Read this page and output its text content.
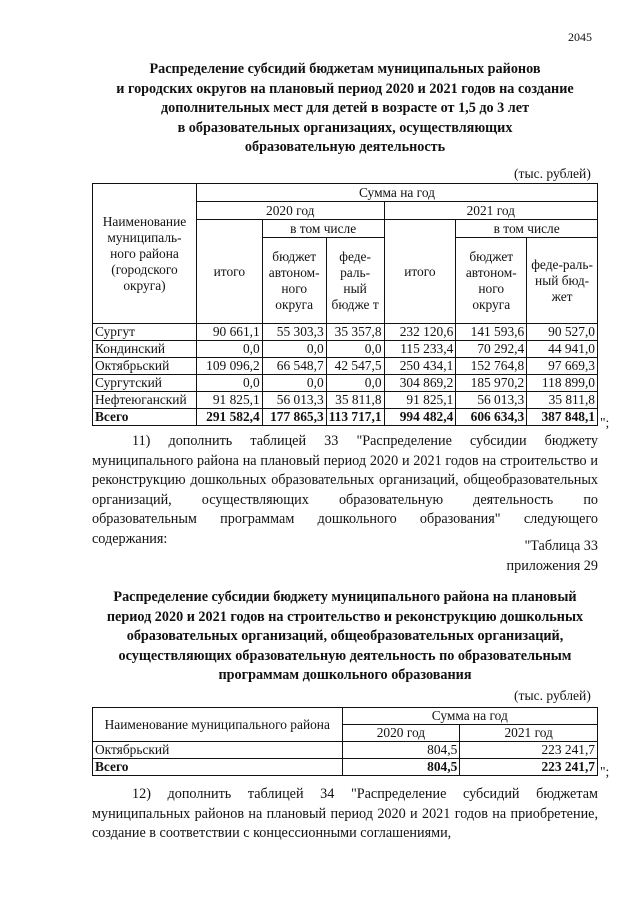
2045
Распределение субсидий бюджетам муниципальных районов
и городских округов на плановый период 2020 и 2021 годов на создание
дополнительных мест для детей в возрасте от 1,5 до 3 лет
в образовательных организациях, осуществляющих
образовательную деятельность
(тыс. рублей)
Наименование муниципаль-ного района (городского округа)	Сумма на год					
	2020 год			2021 год		
	итого	в том числе		итого	в том числе	
		бюджет автоном-ного округа	феде-раль-ный бюдже т		бюджет автоном-ного округа	феде-раль-ный бюд-жет
Сургут	90 661,1	55 303,3	35 357,8	232 120,6	141 593,6	90 527,0
Кондинский	0,0	0,0	0,0	115 233,4	70 292,4	44 941,0
Октябрьский	109 096,2	66 548,7	42 547,5	250 434,1	152 764,8	97 669,3
Сургутский	0,0	0,0	0,0	304 869,2	185 970,2	118 899,0
Нефтеюганский	91 825,1	56 013,3	35 811,8	91 825,1	56 013,3	35 811,8
Всего	291 582,4	177 865,3	113 717,1	994 482,4	606 634,3	387 848,1 ";

11) дополнить таблицей 33 "Распределение субсидии бюджету муниципального района на плановый период 2020 и 2021 годов на строительство и реконструкцию дошкольных образовательных организаций, общеобразовательных организаций, осуществляющих образовательную деятельность по образовательным программам дошкольного образования" следующего содержания:	"Таблица 33
приложения 29
Распределение субсидии бюджету муниципального района на плановый
период 2020 и 2021 годов на строительство и реконструкцию дошкольных
образовательных организаций, общеобразовательных организаций,
осуществляющих образовательную деятельность по образовательным
программам дошкольного образования
(тыс. рублей)
Наименование муниципального района	Сумма на год	
	2020 год	2021 год
Октябрьский	804,5	223 241,7
Всего	804,5	223 241,7 ";

12) дополнить таблицей 34 "Распределение субсидий бюджетам муниципальных районов на плановый период 2020 и 2021 годов на приобретение, создание в соответствии с концессионными соглашениями,
